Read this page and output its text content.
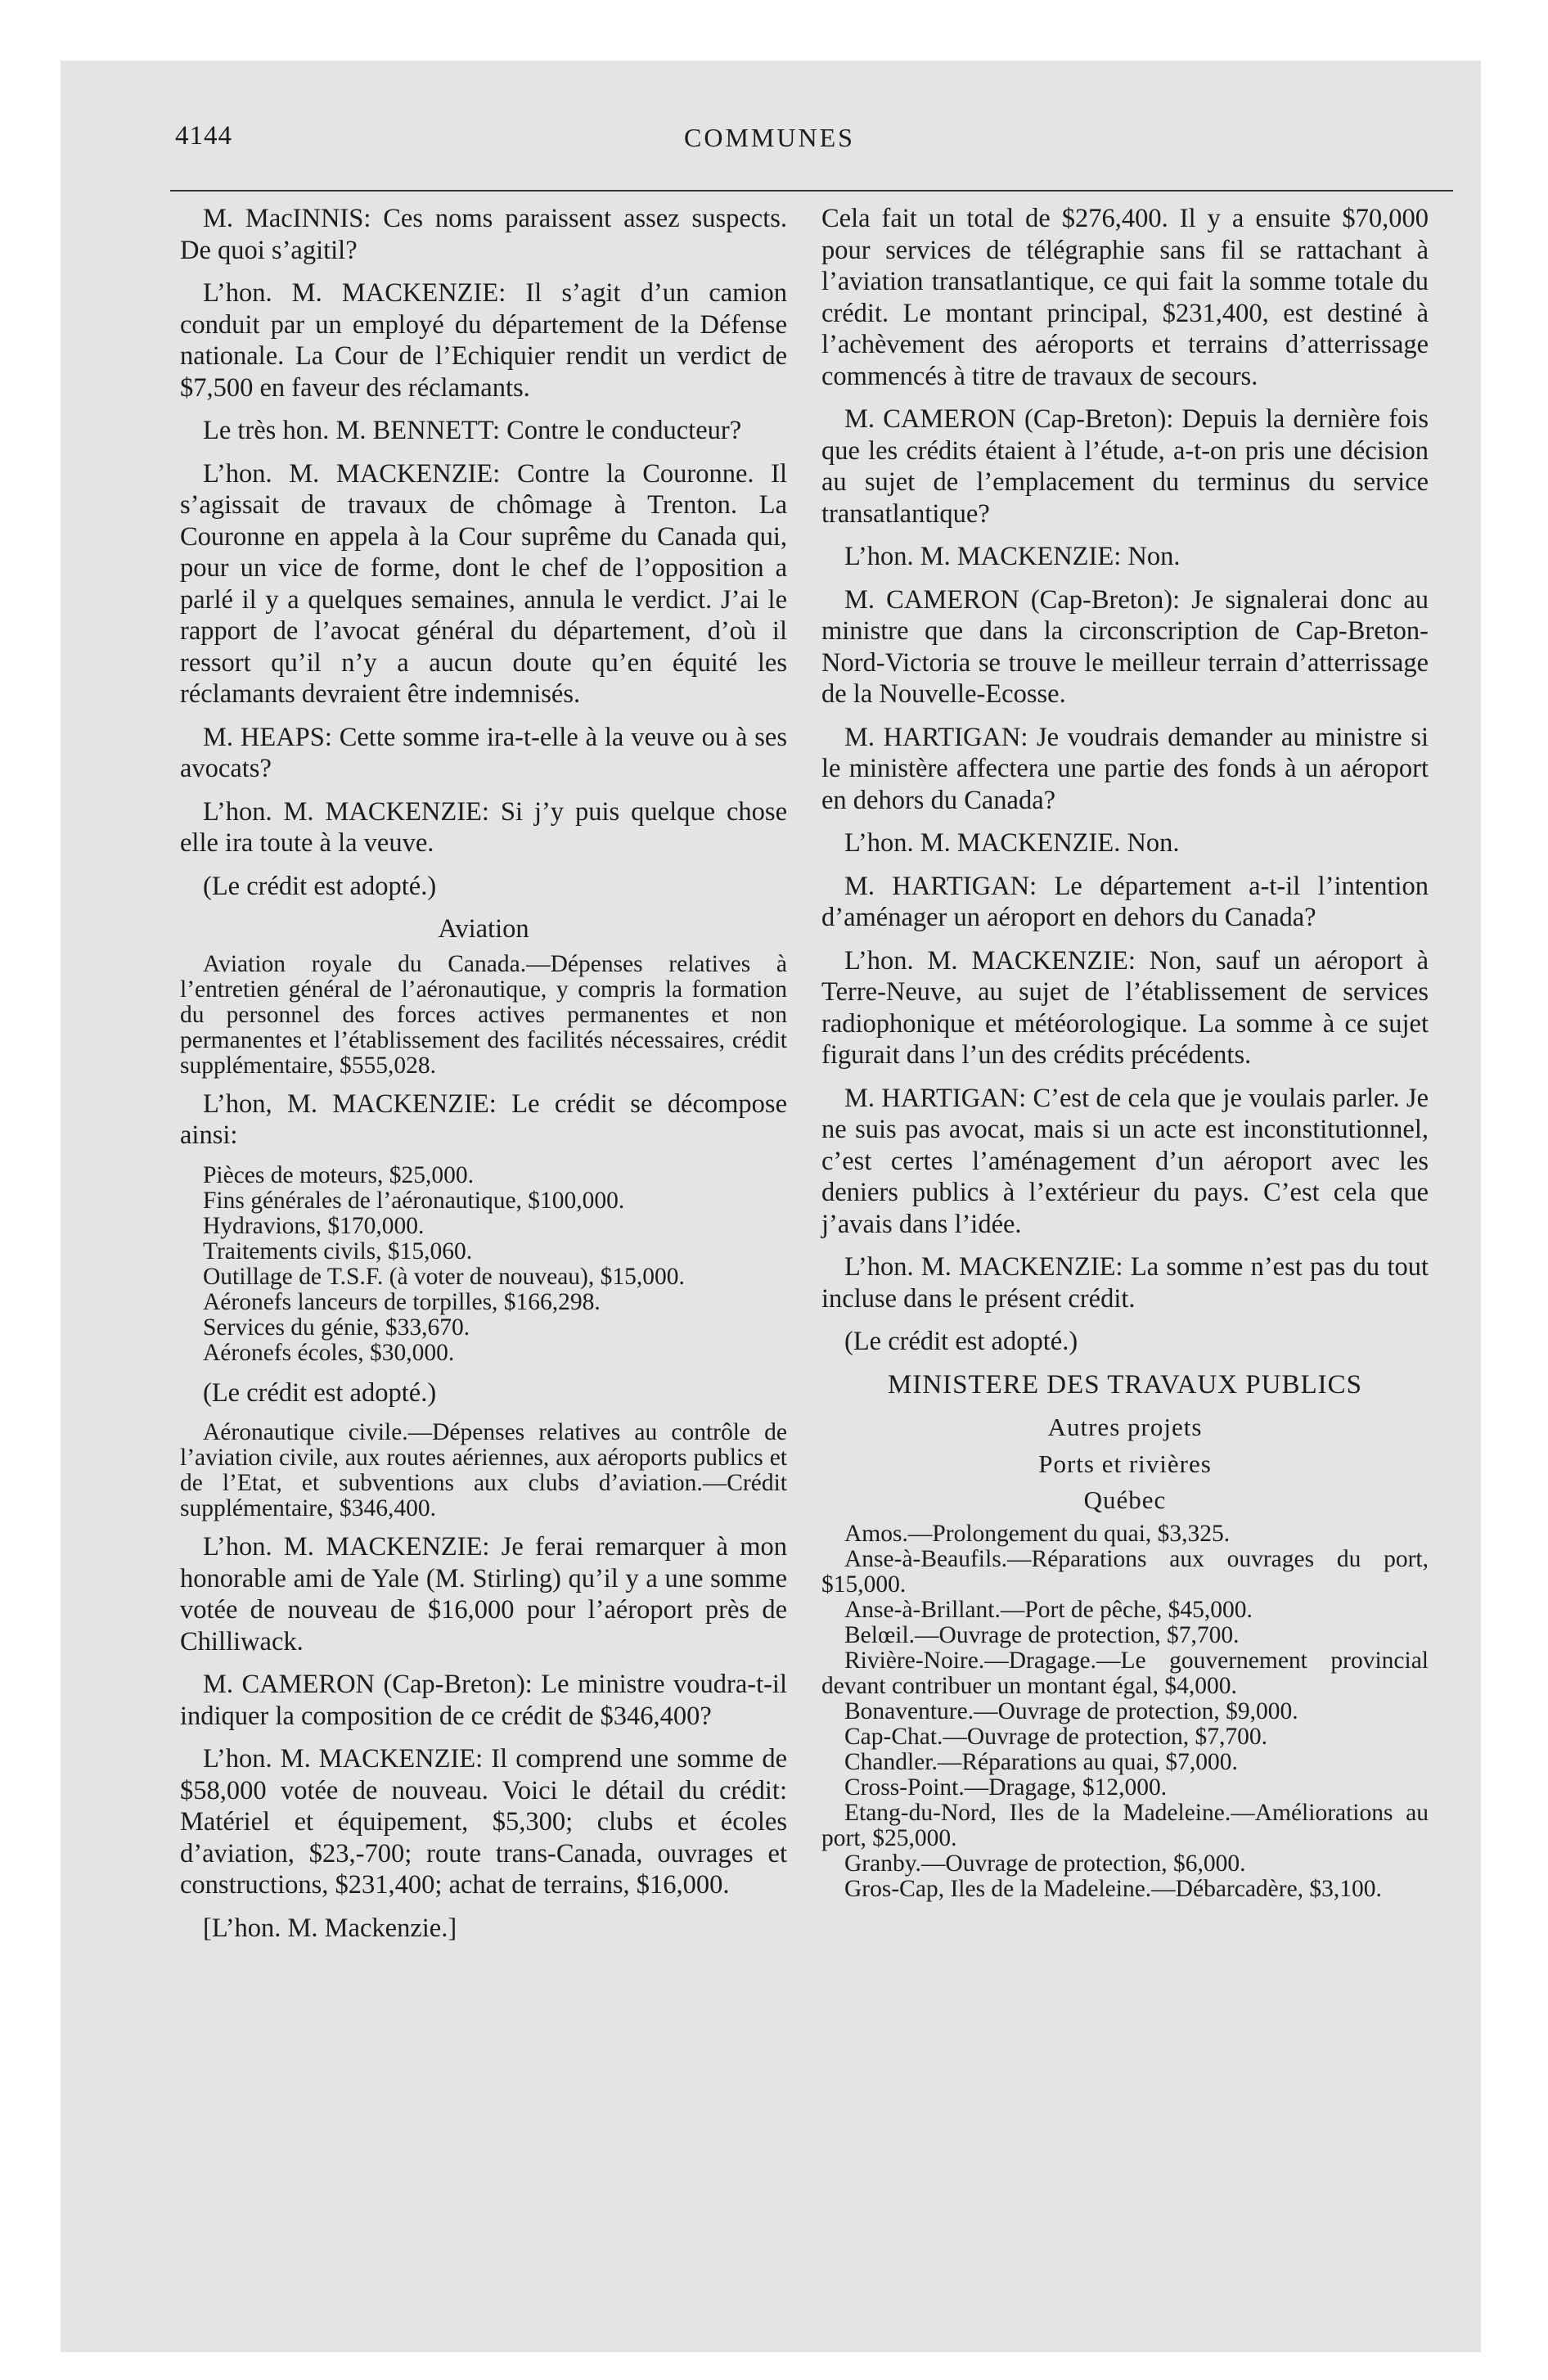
4144	COMMUNES

M. MacINNIS: Ces noms paraissent assez suspects. De quoi s’agitil?

L’hon. M. MACKENZIE: Il s’agit d’un camion conduit par un employé du département de la Défense nationale. La Cour de l’Echiquier rendit un verdict de $7,500 en faveur des réclamants.

Le très hon. M. BENNETT: Contre le conducteur?

L’hon. M. MACKENZIE: Contre la Couronne. Il s’agissait de travaux de chômage à Trenton. La Couronne en appela à la Cour suprême du Canada qui, pour un vice de forme, dont le chef de l’opposition a parlé il y a quelques semaines, annula le verdict. J’ai le rapport de l’avocat général du département, d’où il ressort qu’il n’y a aucun doute qu’en équité les réclamants devraient être indemnisés.

M. HEAPS: Cette somme ira-t-elle à la veuve ou à ses avocats?

L’hon. M. MACKENZIE: Si j’y puis quelque chose elle ira toute à la veuve.

(Le crédit est adopté.)

Aviation

Aviation royale du Canada.—Dépenses relatives à l’entretien général de l’aéronautique, y compris la formation du personnel des forces actives permanentes et non permanentes et l’établissement des facilités nécessaires, crédit supplémentaire, $555,028.

L’hon, M. MACKENZIE: Le crédit se décompose ainsi:

Pièces de moteurs, $25,000.
Fins générales de l’aéronautique, $100,000.
Hydravions, $170,000.
Traitements civils, $15,060.
Outillage de T.S.F. (à voter de nouveau), $15,000.
Aéronefs lanceurs de torpilles, $166,298.
Services du génie, $33,670.
Aéronefs écoles, $30,000.

(Le crédit est adopté.)

Aéronautique civile.—Dépenses relatives au contrôle de l’aviation civile, aux routes aériennes, aux aéroports publics et de l’Etat, et subventions aux clubs d’aviation.—Crédit supplémentaire, $346,400.

L’hon. M. MACKENZIE: Je ferai remarquer à mon honorable ami de Yale (M. Stirling) qu’il y a une somme votée de nouveau de $16,000 pour l’aéroport près de Chilliwack.

M. CAMERON (Cap-Breton): Le ministre voudra-t-il indiquer la composition de ce crédit de $346,400?

L’hon. M. MACKENZIE: Il comprend une somme de $58,000 votée de nouveau. Voici le détail du crédit: Matériel et équipement, $5,300; clubs et écoles d’aviation, $23,-700; route trans-Canada, ouvrages et constructions, $231,400; achat de terrains, $16,000.

[L’hon. M. Mackenzie.]

Cela fait un total de $276,400. Il y a ensuite $70,000 pour services de télégraphie sans fil se rattachant à l’aviation transatlantique, ce qui fait la somme totale du crédit. Le montant principal, $231,400, est destiné à l’achèvement des aéroports et terrains d’atterrissage commencés à titre de travaux de secours.

M. CAMERON (Cap-Breton): Depuis la dernière fois que les crédits étaient à l’étude, a-t-on pris une décision au sujet de l’emplacement du terminus du service transatlantique?

L’hon. M. MACKENZIE: Non.

M. CAMERON (Cap-Breton): Je signalerai donc au ministre que dans la circonscription de Cap-Breton-Nord-Victoria se trouve le meilleur terrain d’atterrissage de la Nouvelle-Ecosse.

M. HARTIGAN: Je voudrais demander au ministre si le ministère affectera une partie des fonds à un aéroport en dehors du Canada?

L’hon. M. MACKENZIE. Non.

M. HARTIGAN: Le département a-t-il l’intention d’aménager un aéroport en dehors du Canada?

L’hon. M. MACKENZIE: Non, sauf un aéroport à Terre-Neuve, au sujet de l’établissement de services radiophonique et météorologique. La somme à ce sujet figurait dans l’un des crédits précédents.

M. HARTIGAN: C’est de cela que je voulais parler. Je ne suis pas avocat, mais si un acte est inconstitutionnel, c’est certes l’aménagement d’un aéroport avec les deniers publics à l’extérieur du pays. C’est cela que j’avais dans l’idée.

L’hon. M. MACKENZIE: La somme n’est pas du tout incluse dans le présent crédit.

(Le crédit est adopté.)

MINISTERE DES TRAVAUX PUBLICS
Autres projets
Ports et rivières
Québec
Amos.—Prolongement du quai, $3,325.
Anse-à-Beaufils.—Réparations aux ouvrages du port, $15,000.
Anse-à-Brillant.—Port de pêche, $45,000.
Belœil.—Ouvrage de protection, $7,700.
Rivière-Noire.—Dragage.—Le gouvernement provincial devant contribuer un montant égal, $4,000.
Bonaventure.—Ouvrage de protection, $9,000.
Cap-Chat.—Ouvrage de protection, $7,700.
Chandler.—Réparations au quai, $7,000.
Cross-Point.—Dragage, $12,000.
Etang-du-Nord, Iles de la Madeleine.—Améliorations au port, $25,000.
Granby.—Ouvrage de protection, $6,000.
Gros-Cap, Iles de la Madeleine.—Débarcadère, $3,100.
